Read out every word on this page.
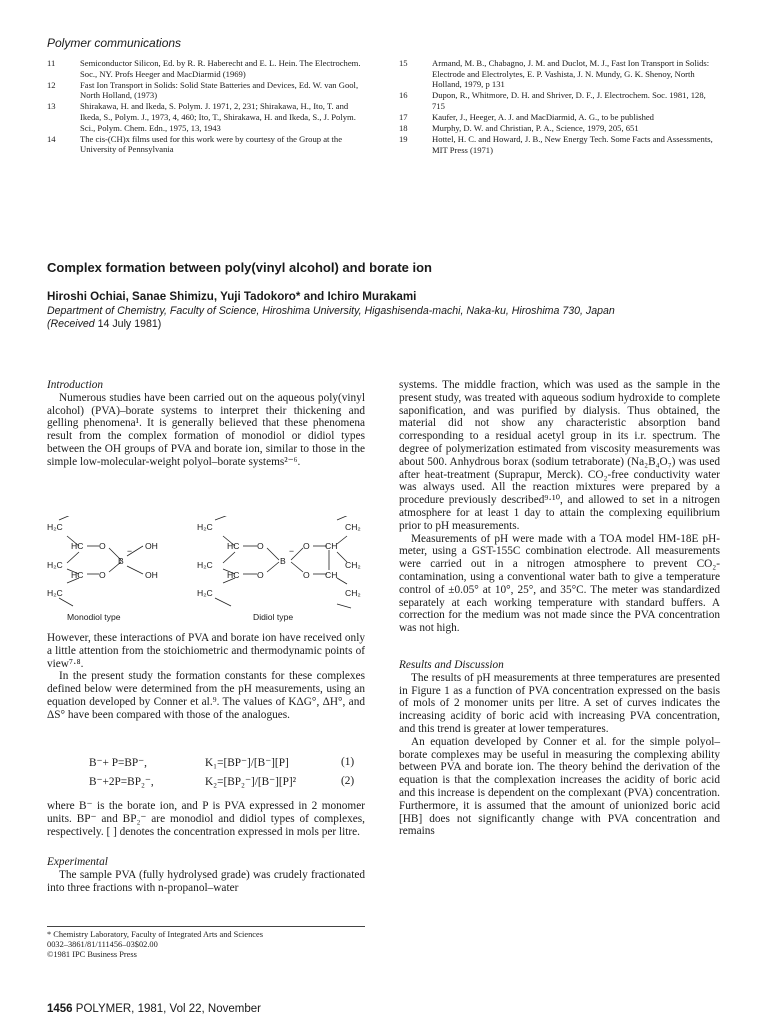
Polymer communications
11	Semiconductor Silicon, Ed. by R. R. Haberecht and E. L. Hein. The Electrochem. Soc., NY. Profs Heeger and MacDiarmid (1969)
12	Fast Ion Transport in Solids: Solid State Batteries and Devices, Ed. W. van Gool, North Holland, (1973)
13	Shirakawa, H. and Ikeda, S. Polym. J. 1971, 2, 231; Shirakawa, H., Ito, T. and Ikeda, S., Polym. J., 1973, 4, 460; Ito, T., Shirakawa, H. and Ikeda, S., J. Polym. Sci., Polym. Chem. Edn., 1975, 13, 1943
14	The cis-(CH)x films used for this work were by courtesy of the Group at the University of Pennsylvania
15	Armand, M. B., Chabagno, J. M. and Duclot, M. J., Fast Ion Transport in Solids: Electrode and Electrolytes, E. P. Vashista, J. N. Mundy, G. K. Shenoy, North Holland, 1979, p 131
16	Dupon, R., Whitmore, D. H. and Shriver, D. F., J. Electrochem. Soc. 1981, 128, 715
17	Kaufer, J., Heeger, A. J. and MacDiarmid, A. G., to be published
18	Murphy, D. W. and Christian, P. A., Science, 1979, 205, 651
19	Hottel, H. C. and Howard, J. B., New Energy Tech. Some Facts and Assessments, MIT Press (1971)
Complex formation between poly(vinyl alcohol) and borate ion
Hiroshi Ochiai, Sanae Shimizu, Yuji Tadokoro* and Ichiro Murakami
Department of Chemistry, Faculty of Science, Hiroshima University, Higashisenda-machi, Naka-ku, Hiroshima 730, Japan
(Received 14 July 1981)
Introduction

Numerous studies have been carried out on the aqueous poly(vinyl alcohol) (PVA)–borate systems to interpret their thickening and gelling phenomena¹. It is generally believed that these phenomena result from the complex formation of monodiol or didiol types between the OH groups of PVA and borate ion, similar to those in the simple low-molecular-weight polyol–borate systems²⁻⁶.

H₂C
HC O	OH
H₂C	B
−
HC O	OH
H₂C
Monodiol type
H₂C	CH₂
HC O	O CH
H₂C	B
−
CH₂
HC O	O CH
H₂C	CH₂
Didiol type

However, these interactions of PVA and borate ion have received only a little attention from the stoichiometric and thermodynamic points of view⁷·⁸.

In the present study the formation constants for these complexes defined below were determined from the pH measurements, using an equation developed by Conner et al.⁹. The values of KΔG°, ΔH°, and ΔS° have been compared with those of the analogues.

B⁻+ P=BP⁻,	K₁=[BP⁻]/[B⁻][P]	(1)
B⁻+2P=BP₂⁻,	K₂=[BP₂⁻]/[B⁻][P]²	(2)

where B⁻ is the borate ion, and P is PVA expressed in 2 monomer units. BP⁻ and BP₂⁻ are monodiol and didiol types of complexes, respectively. [ ] denotes the concentration expressed in mols per litre.

Experimental

The sample PVA (fully hydrolysed grade) was crudely fractionated into three fractions with n-propanol–water

systems. The middle fraction, which was used as the sample in the present study, was treated with aqueous sodium hydroxide to complete saponification, and was purified by dialysis. Thus obtained, the material did not show any characteristic absorption band corresponding to a residual acetyl group in its i.r. spectrum. The degree of polymerization estimated from viscosity measurements was about 500. Anhydrous borax (sodium tetraborate) (Na₂B₄O₇) was used after heat-treatment (Suprapur, Merck). CO₂-free conductivity water was always used. All the reaction mixtures were prepared by a procedure previously described⁹·¹⁰, and allowed to set in a nitrogen atmosphere for at least 1 day to attain the complexing equilibrium prior to pH measurements.

Measurements of pH were made with a TOA model HM-18E pH-meter, using a GST-155C combination electrode. All measurements were carried out in a nitrogen atmosphere to prevent CO₂-contamination, using a conventional water bath to give a temperature control of ±0.05° at 10°, 25°, and 35°C. The meter was standardized separately at each working temperature with standard buffers. A correction for the medium was not made since the PVA concentration was not high.

Results and Discussion

The results of pH measurements at three temperatures are presented in Figure 1 as a function of PVA concentration expressed on the basis of mols of 2 monomer units per litre. A set of curves indicates the increasing acidity of boric acid with increasing PVA concentration, and this trend is greater at lower temperatures.

An equation developed by Conner et al. for the simple polyol–borate complexes may be useful in measuring the complexing ability between PVA and borate ion. The theory behind the derivation of the equation is that the complexation increases the acidity of boric acid and this increase is dependent on the complexant (PVA) concentration. Furthermore, it is assumed that the amount of unionized boric acid [HB] does not significantly change with PVA concentration and remains

* Chemistry Laboratory, Faculty of Integrated Arts and Sciences
0032–3861/81/111456–03$02.00
©1981 IPC Business Press
1456 POLYMER, 1981, Vol 22, November
